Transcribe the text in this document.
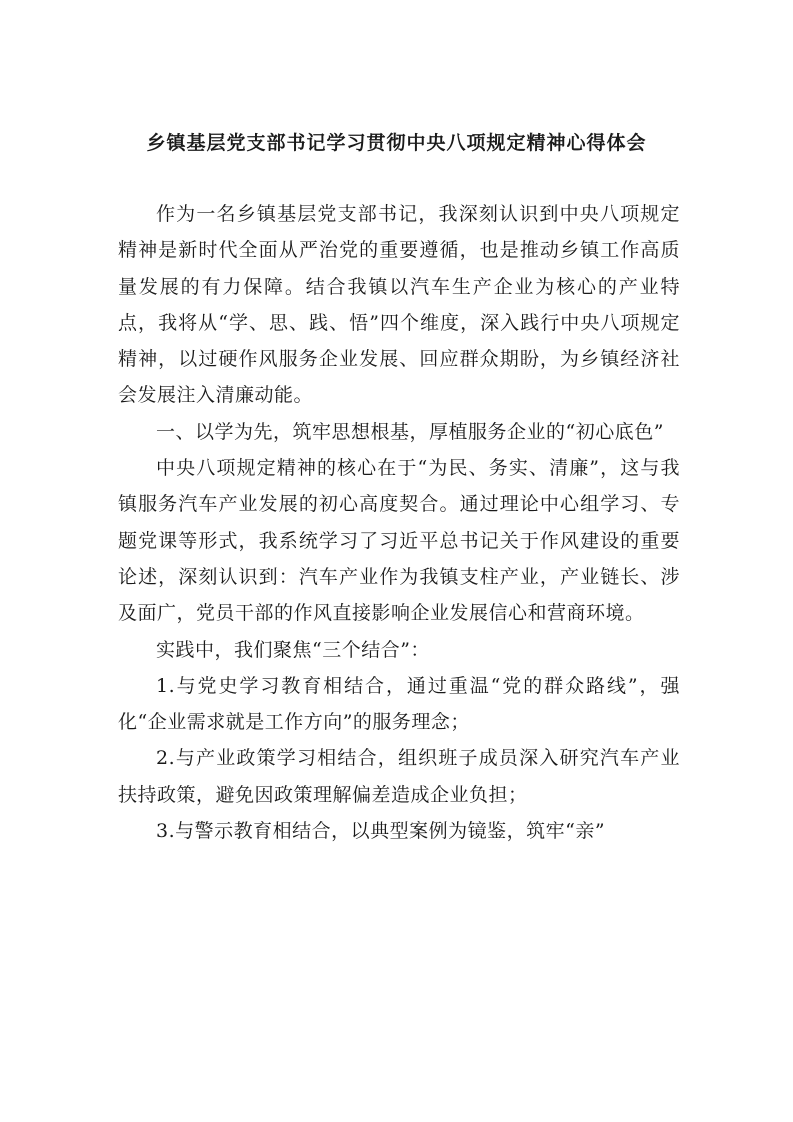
乡镇基层党支部书记学习贯彻中央八项规定精神心得体会

作为一名乡镇基层党支部书记，我深刻认识到中央八项规定精神是新时代全面从严治党的重要遵循，也是推动乡镇工作高质量发展的有力保障。结合我镇以汽车生产企业为核心的产业特点，我将从“学、思、践、悟”四个维度，深入践行中央八项规定精神，以过硬作风服务企业发展、回应群众期盼，为乡镇经济社会发展注入清廉动能。

一、以学为先，筑牢思想根基，厚植服务企业的“初心底色”

中央八项规定精神的核心在于“为民、务实、清廉”，这与我镇服务汽车产业发展的初心高度契合。通过理论中心组学习、专题党课等形式，我系统学习了习近平总书记关于作风建设的重要论述，深刻认识到：汽车产业作为我镇支柱产业，产业链长、涉及面广，党员干部的作风直接影响企业发展信心和营商环境。

实践中，我们聚焦“三个结合”：

1.与党史学习教育相结合，通过重温“党的群众路线”，强化“企业需求就是工作方向”的服务理念；

2.与产业政策学习相结合，组织班子成员深入研究汽车产业扶持政策，避免因政策理解偏差造成企业负担；

3.与警示教育相结合，以典型案例为镜鉴，筑牢“亲”
